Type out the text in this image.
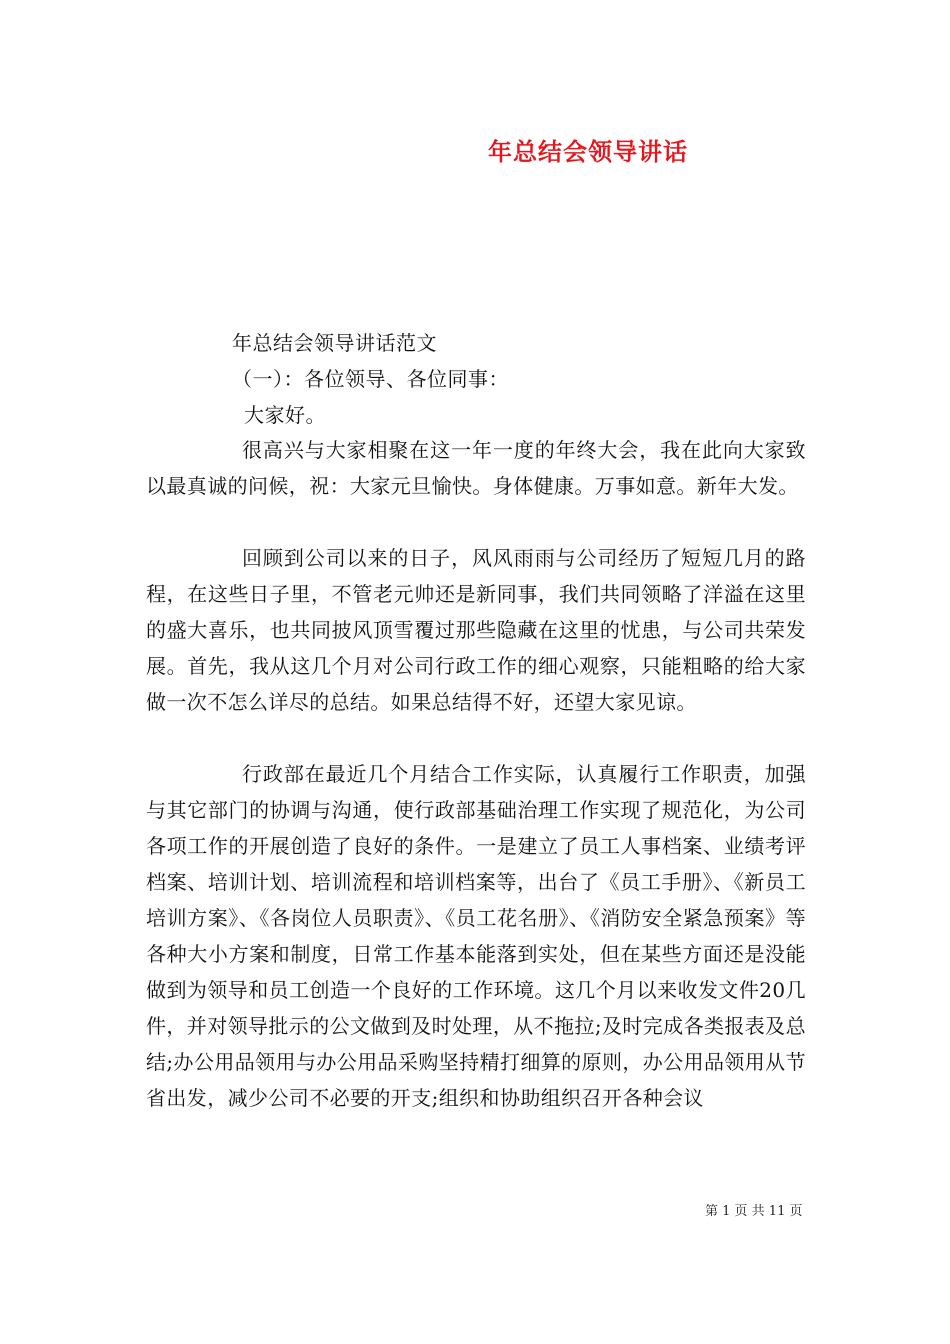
年总结会领导讲话
年总结会领导讲话范文
（一）：各位领导、各位同事：
大家好。
很高兴与大家相聚在这一年一度的年终大会，我在此向大家致以最真诚的问候，祝：大家元旦愉快。身体健康。万事如意。新年大发。
回顾到公司以来的日子，风风雨雨与公司经历了短短几月的路程，在这些日子里，不管老元帅还是新同事，我们共同领略了洋溢在这里的盛大喜乐，也共同披风顶雪覆过那些隐藏在这里的忧患，与公司共荣发展。首先，我从这几个月对公司行政工作的细心观察，只能粗略的给大家做一次不怎么详尽的总结。如果总结得不好，还望大家见谅。
行政部在最近几个月结合工作实际，认真履行工作职责，加强与其它部门的协调与沟通，使行政部基础治理工作实现了规范化，为公司各项工作的开展创造了良好的条件。一是建立了员工人事档案、业绩考评档案、培训计划、培训流程和培训档案等，出台了《员工手册》、《新员工培训方案》、《各岗位人员职责》、《员工花名册》、《消防安全紧急预案》等各种大小方案和制度，日常工作基本能落到实处，但在某些方面还是没能做到为领导和员工创造一个良好的工作环境。这几个月以来收发文件20几件，并对领导批示的公文做到及时处理，从不拖拉;及时完成各类报表及总结;办公用品领用与办公用品采购坚持精打细算的原则，办公用品领用从节省出发，减少公司不必要的开支;组织和协助组织召开各种会议
第 1 页 共 11 页
